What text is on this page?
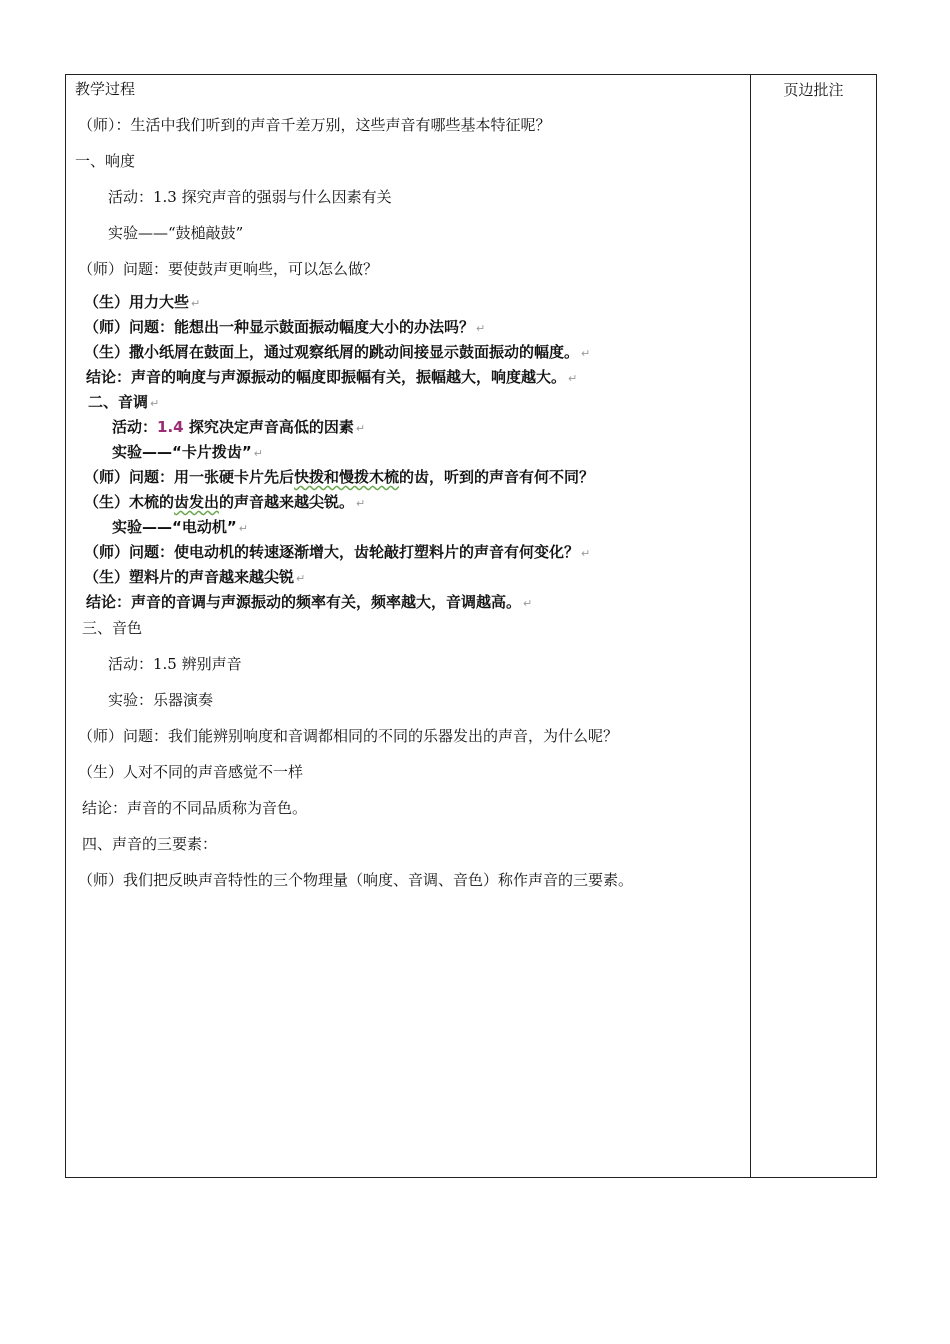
教学过程
（师）：生活中我们听到的声音千差万别，这些声音有哪些基本特征呢？
一、响度
活动：1.3 探究声音的强弱与什么因素有关
实验——“鼓槌敲鼓”
（师）问题：要使鼓声更响些，可以怎么做？
（生）用力大些 ↵
（师）问题：能想出一种显示鼓面振动幅度大小的办法吗？ ↵
（生）撒小纸屑在鼓面上，通过观察纸屑的跳动间接显示鼓面振动的幅度。 ↵
结论：声音的响度与声源振动的幅度即振幅有关，振幅越大，响度越大。 ↵
二、音调 ↵
活动：1.4 探究决定声音高低的因素 ↵
实验——“卡片拨齿” ↵
（师）问题：用一张硬卡片先后快拨和慢拨木梳的齿，听到的声音有何不同？
（生）木梳的齿发出的声音越来越尖锐。 ↵
实验——“电动机” ↵
（师）问题：使电动机的转速逐渐增大，齿轮敲打塑料片的声音有何变化？ ↵
（生）塑料片的声音越来越尖锐 ↵
结论：声音的音调与声源振动的频率有关，频率越大，音调越高。 ↵
三、音色
活动：1.5 辨别声音
实验：乐器演奏
（师）问题：我们能辨别响度和音调都相同的不同的乐器发出的声音，为什么呢？
（生）人对不同的声音感觉不一样
结论：声音的不同品质称为音色。
四、声音的三要素：
（师）我们把反映声音特性的三个物理量（响度、音调、音色）称作声音的三要素。
页边批注
